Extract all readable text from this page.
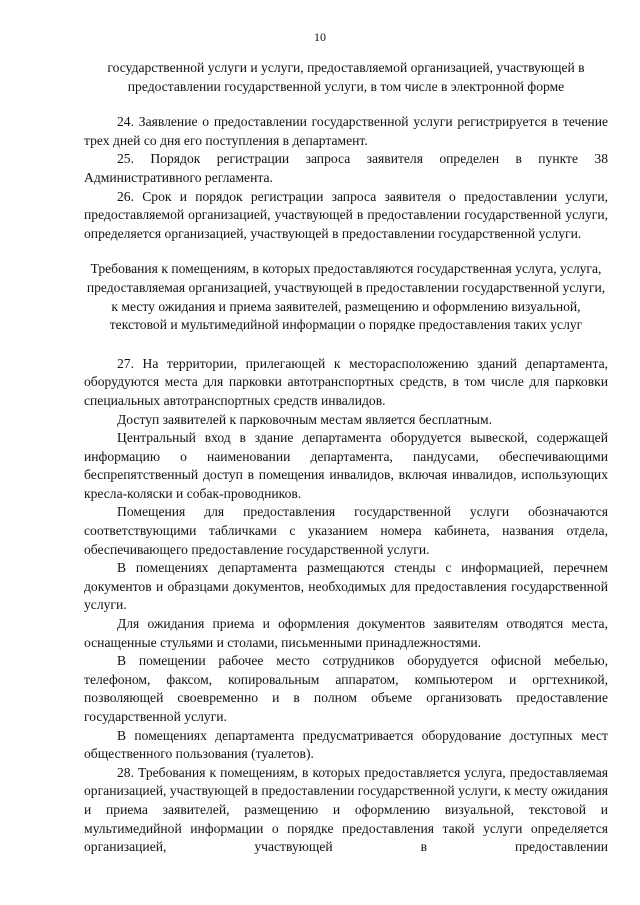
10

государственной услуги и услуги, предоставляемой организацией, участвующей в предоставлении государственной услуги, в том числе в электронной форме

24. Заявление о предоставлении государственной услуги регистрируется в течение трех дней со дня его поступления в департамент.

25. Порядок регистрации запроса заявителя определен в пункте 38 Административного регламента.

26. Срок и порядок регистрации запроса заявителя о предоставлении услуги, предоставляемой организацией, участвующей в предоставлении государственной услуги, определяется организацией, участвующей в предоставлении государственной услуги.

Требования к помещениям, в которых предоставляются государственная услуга, услуга, предоставляемая организацией, участвующей в предоставлении государственной услуги, к месту ожидания и приема заявителей, размещению и оформлению визуальной, текстовой и мультимедийной информации о порядке предоставления таких услуг

27. На территории, прилегающей к месторасположению зданий департамента, оборудуются места для парковки автотранспортных средств, в том числе для парковки специальных автотранспортных средств инвалидов.

Доступ заявителей к парковочным местам является бесплатным.

Центральный вход в здание департамента оборудуется вывеской, содержащей информацию о наименовании департамента, пандусами, обеспечивающими беспрепятственный доступ в помещения инвалидов, включая инвалидов, использующих кресла-коляски и собак-проводников.

Помещения для предоставления государственной услуги обозначаются соответствующими табличками с указанием номера кабинета, названия отдела, обеспечивающего предоставление государственной услуги.

В помещениях департамента размещаются стенды с информацией, перечнем документов и образцами документов, необходимых для предоставления государственной услуги.

Для ожидания приема и оформления документов заявителям отводятся места, оснащенные стульями и столами, письменными принадлежностями.

В помещении рабочее место сотрудников оборудуется офисной мебелью, телефоном, факсом, копировальным аппаратом, компьютером и оргтехникой, позволяющей своевременно и в полном объеме организовать предоставление государственной услуги.

В помещениях департамента предусматривается оборудование доступных мест общественного пользования (туалетов).

28. Требования к помещениям, в которых предоставляется услуга, предоставляемая организацией, участвующей в предоставлении государственной услуги, к месту ожидания и приема заявителей, размещению и оформлению визуальной, текстовой и мультимедийной информации о порядке предоставления такой услуги определяется организацией, участвующей в предоставлении
